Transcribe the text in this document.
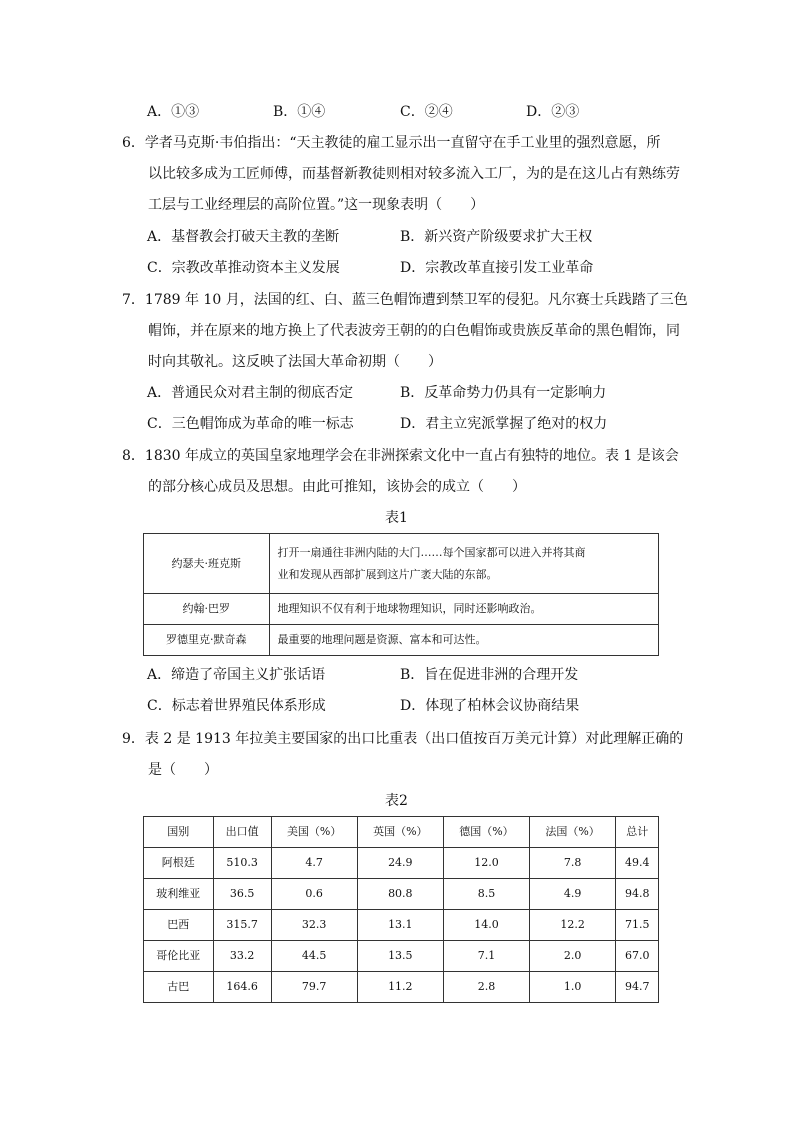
A．①③	B．①④	C．②④	D．②③
6．学者马克斯·韦伯指出：“天主教徒的雇工显示出一直留守在手工业里的强烈意愿，所
以比较多成为工匠师傅，而基督新教徒则相对较多流入工厂，为的是在这儿占有熟练劳
工层与工业经理层的高阶位置。”这一现象表明（　　）
A．基督教会打破天主教的垄断	B．新兴资产阶级要求扩大王权
C．宗教改革推动资本主义发展	D．宗教改革直接引发工业革命
7．1789 年 10 月，法国的红、白、蓝三色帽饰遭到禁卫军的侵犯。凡尔赛士兵践踏了三色
帽饰，并在原来的地方换上了代表波旁王朝的的白色帽饰或贵族反革命的黑色帽饰，同
时向其敬礼。这反映了法国大革命初期（　　）
A．普通民众对君主制的彻底否定	B．反革命势力仍具有一定影响力
C．三色帽饰成为革命的唯一标志	D．君主立宪派掌握了绝对的权力
8．1830 年成立的英国皇家地理学会在非洲探索文化中一直占有独特的地位。表 1 是该会
的部分核心成员及思想。由此可推知，该协会的成立（　　）
表1
约瑟夫·班克斯	打开一扇通往非洲内陆的大门……每个国家都可以进入并将其商
业和发现从西部扩展到这片广袤大陆的东部。

约翰·巴罗	地理知识不仅有利于地球物理知识，同时还影响政治。

罗德里克·默奇森	最重要的地理问题是资源、富本和可达性。
A．缔造了帝国主义扩张话语	B．旨在促进非洲的合理开发
C．标志着世界殖民体系形成	D．体现了柏林会议协商结果
9．表 2 是 1913 年拉美主要国家的出口比重表（出口值按百万美元计算）对此理解正确的
是（　　）
表2
国别	出口值	美国（%）	英国（%）	德国（%）	法国（%）	总计
阿根廷	510.3	4.7	24.9	12.0	7.8	49.4
玻利维亚	36.5	0.6	80.8	8.5	4.9	94.8
巴西	315.7	32.3	13.1	14.0	12.2	71.5
哥伦比亚	33.2	44.5	13.5	7.1	2.0	67.0
古巴	164.6	79.7	11.2	2.8	1.0	94.7
